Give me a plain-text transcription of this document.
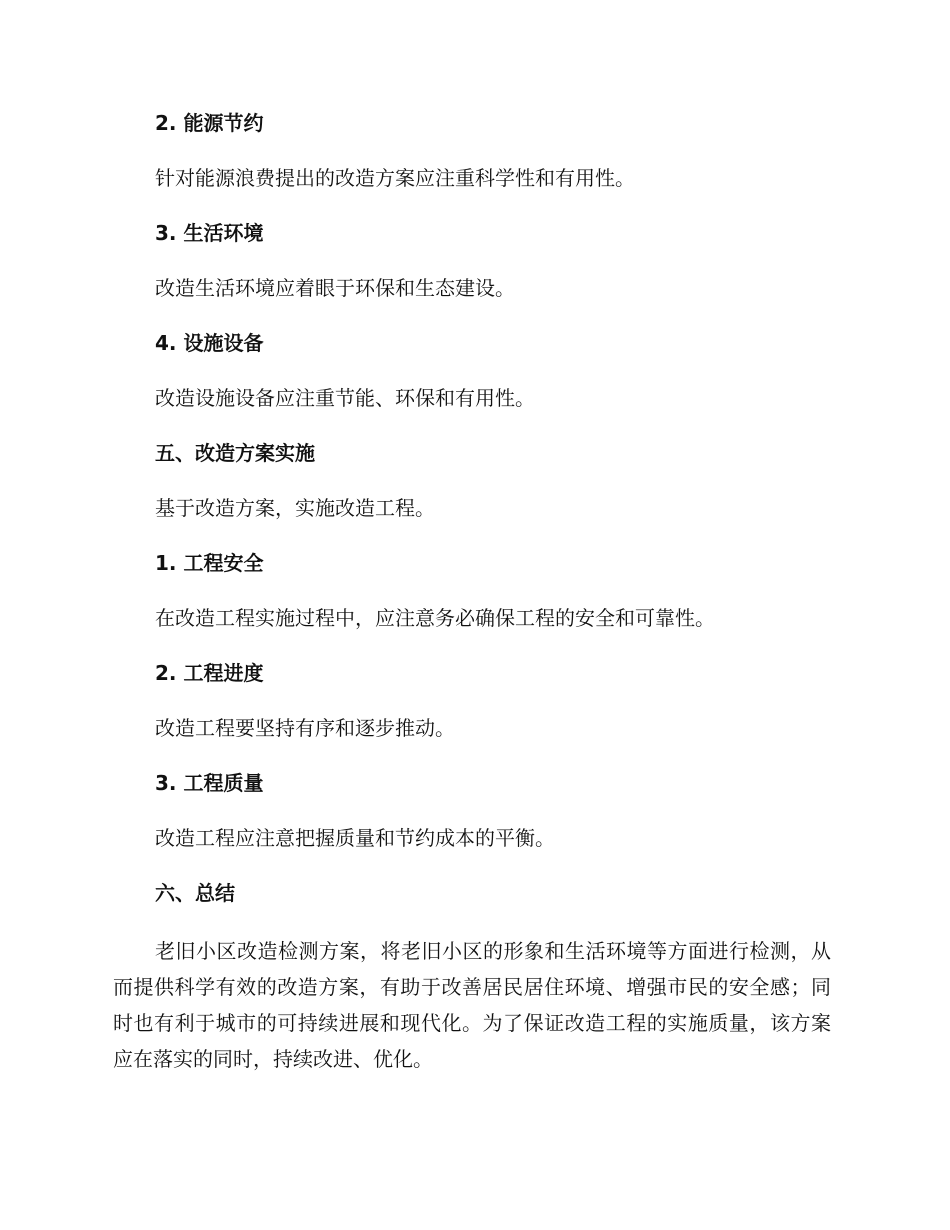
2. 能源节约
针对能源浪费提出的改造方案应注重科学性和有用性。
3. 生活环境
改造生活环境应着眼于环保和生态建设。
4. 设施设备
改造设施设备应注重节能、环保和有用性。
五、改造方案实施
基于改造方案，实施改造工程。
1. 工程安全
在改造工程实施过程中，应注意务必确保工程的安全和可靠性。
2. 工程进度
改造工程要坚持有序和逐步推动。
3. 工程质量
改造工程应注意把握质量和节约成本的平衡。
六、总结

老旧小区改造检测方案，将老旧小区的形象和生活环境等方面进行检测，从而提供科学有效的改造方案，有助于改善居民居住环境、增强市民的安全感；同时也有利于城市的可持续进展和现代化。为了保证改造工程的实施质量，该方案应在落实的同时，持续改进、优化。
